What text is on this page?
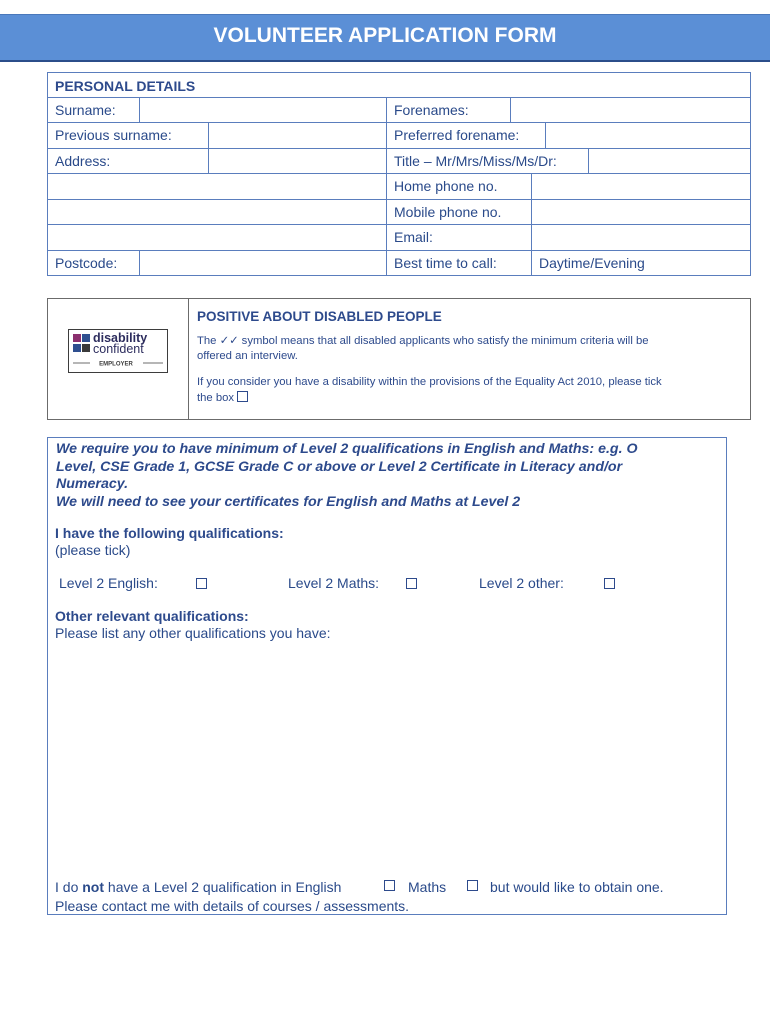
VOLUNTEER APPLICATION FORM
PERSONAL DETAILS
Surname:	Forenames:
Previous surname:	Preferred forename:
Address:	Title – Mr/Mrs/Miss/Ms/Dr:
Home phone no.
Mobile phone no.
Email:
Postcode:	Best time to call:	Daytime/Evening
disability
confident
EMPLOYER
POSITIVE ABOUT DISABLED PEOPLE
The ✓✓ symbol means that all disabled applicants who satisfy the minimum criteria will be
offered an interview.
If you consider you have a disability within the provisions of the Equality Act 2010, please tick
the box
We require you to have minimum of Level 2 qualifications in English and Maths: e.g. O
Level, CSE Grade 1, GCSE Grade C or above or Level 2 Certificate in Literacy and/or
Numeracy.
We will need to see your certificates for English and Maths at Level 2
I have the following qualifications:
(please tick)
Level 2 English:	Level 2 Maths:	Level 2 other:
Other relevant qualifications:
Please list any other qualifications you have:
I do not have a Level 2 qualification in English	Maths	but would like to obtain one.
Please contact me with details of courses / assessments.
